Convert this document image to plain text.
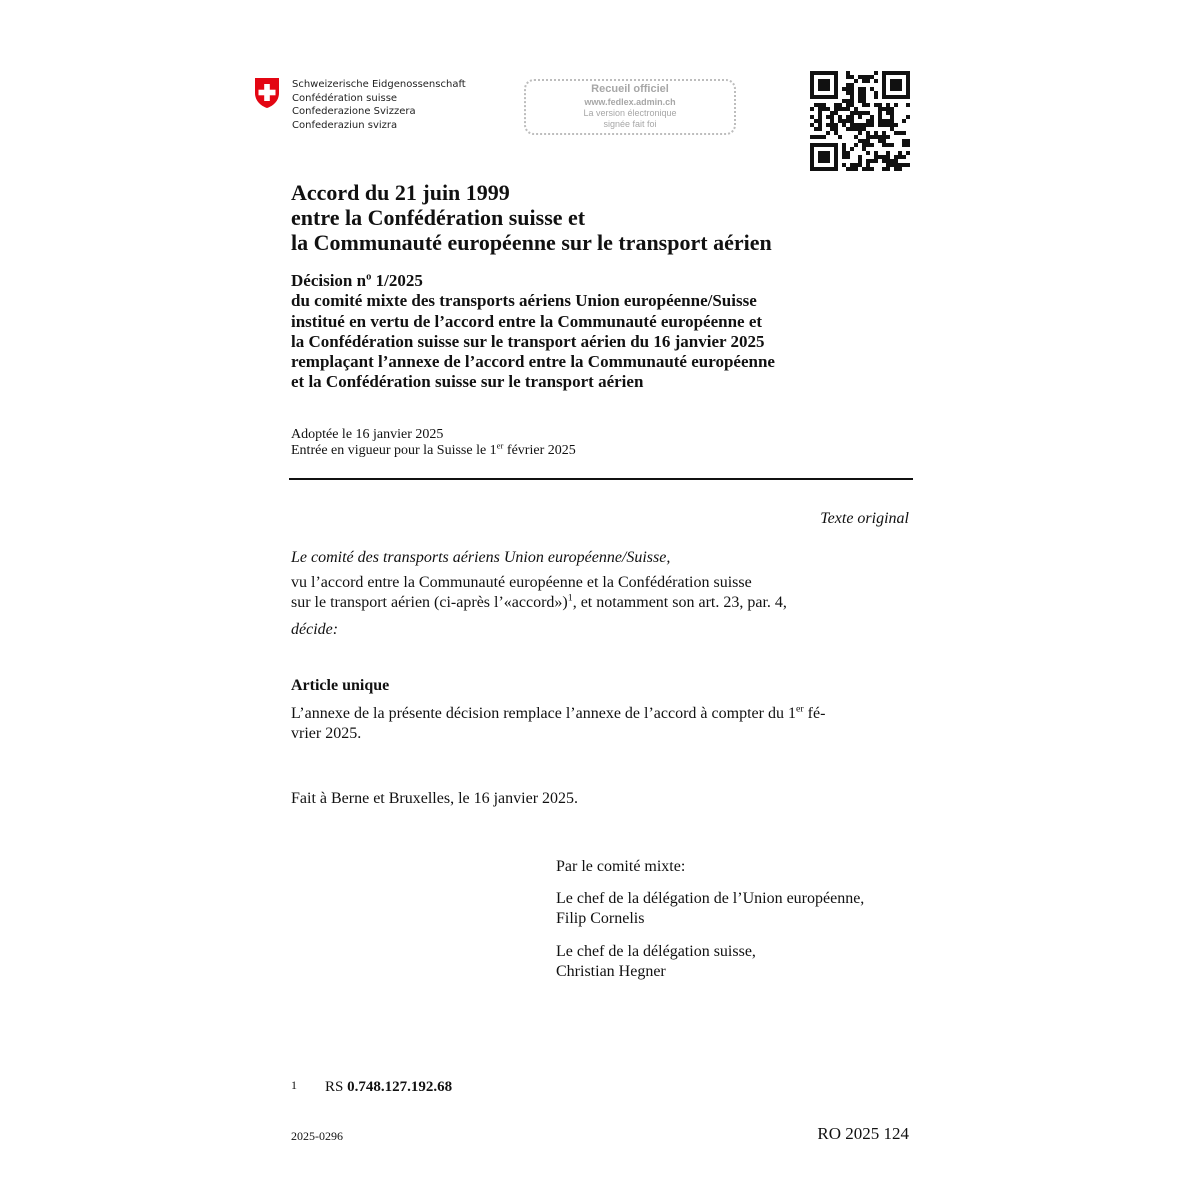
Schweizerische Eidgenossenschaft
Confédération suisse
Confederazione Svizzera
Confederaziun svizra
Recueil officiel
www.fedlex.admin.ch
La version électronique
signée fait foi
Accord du 21 juin 1999
entre la Confédération suisse et
la Communauté européenne sur le transport aérien
Décision $n^o$ 1/2025
du comité mixte des transports aériens Union européenne/Suisse
institué en vertu de l’accord entre la Communauté européenne et
la Confédération suisse sur le transport aérien du 16 janvier 2025
remplaçant l’annexe de l’accord entre la Communauté européenne
et la Confédération suisse sur le transport aérien
Adoptée le 16 janvier 2025
Entrée en vigueur pour la Suisse le 1er février 2025
Texte original
Le comité des transports aériens Union européenne/Suisse,
vu l’accord entre la Communauté européenne et la Confédération suisse
sur le transport aérien (ci-après l’«accord»)$^1$, et notamment son art. 23, par. 4,
décide:
Article unique
L’annexe de la présente décision remplace l’annexe de l’accord à compter du 1er fé-
vrier 2025.
Fait à Berne et Bruxelles, le 16 janvier 2025.
Par le comité mixte:
Le chef de la délégation de l’Union européenne,
Filip Cornelis
Le chef de la délégation suisse,
Christian Hegner
1 RS 0.748.127.192.68
2025-0296	RO 2025 124
